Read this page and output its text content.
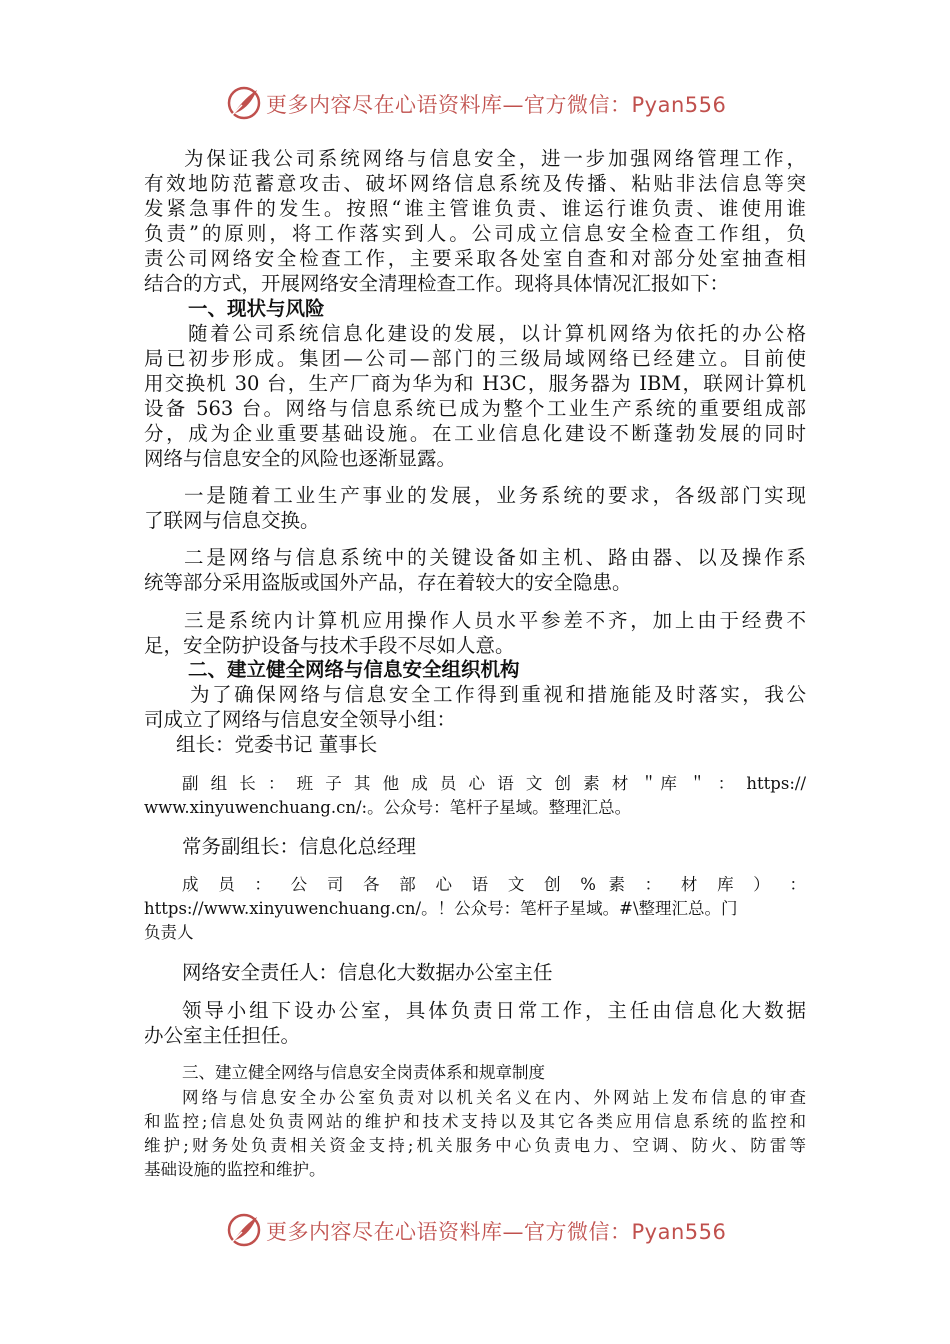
更多内容尽在心语资料库—官方微信：Pyan556

为保证我公司系统网络与信息安全，进一步加强网络管理工作，
有效地防范蓄意攻击、破坏网络信息系统及传播、粘贴非法信息等突
发紧急事件的发生。按照“谁主管谁负责、谁运行谁负责、谁使用谁
负责”的原则，将工作落实到人。公司成立信息安全检查工作组，负
责公司网络安全检查工作，主要采取各处室自查和对部分处室抽查相
结合的方式，开展网络安全清理检查工作。现将具体情况汇报如下：

一、现状与风险

随着公司系统信息化建设的发展，以计算机网络为依托的办公格
局已初步形成。集团—公司—部门的三级局域网络已经建立。目前使
用交换机 30 台，生产厂商为华为和 H3C，服务器为 IBM，联网计算机
设备 563 台。网络与信息系统已成为整个工业生产系统的重要组成部
分，成为企业重要基础设施。在工业信息化建设不断蓬勃发展的同时
网络与信息安全的风险也逐渐显露。

一是随着工业生产事业的发展，业务系统的要求，各级部门实现
了联网与信息交换。

二是网络与信息系统中的关键设备如主机、路由器、以及操作系
统等部分采用盗版或国外产品，存在着较大的安全隐患。

三是系统内计算机应用操作人员水平参差不齐，加上由于经费不
足，安全防护设备与技术手段不尽如人意。

二、建立健全网络与信息安全组织机构

为了确保网络与信息安全工作得到重视和措施能及时落实，我公
司成立了网络与信息安全领导小组：

组长：党委书记 董事长

副 组 长 ： 班 子 其 他 成 员 心 语 文 创 素 材 ＂库 ＂ ： https://
www.xinyuwenchuang.cn/:。公众号：笔杆子星域。整理汇总。

常务副组长：信息化总经理

成 员 ： 公 司 各 部 心 语 文 创 % 素 ： 材 库 ） ：
https://www.xinyuwenchuang.cn/。！公众号：笔杆子星域。#\整理汇总。门
负责人

网络安全责任人：信息化大数据办公室主任

领导小组下设办公室，具体负责日常工作，主任由信息化大数据
办公室主任担任。

三、建立健全网络与信息安全岗责体系和规章制度

网络与信息安全办公室负责对以机关名义在内、外网站上发布信息的审查
和监控;信息处负责网站的维护和技术支持以及其它各类应用信息系统的监控和
维护;财务处负责相关资金支持;机关服务中心负责电力、空调、防火、防雷等
基础设施的监控和维护。

更多内容尽在心语资料库—官方微信：Pyan556
